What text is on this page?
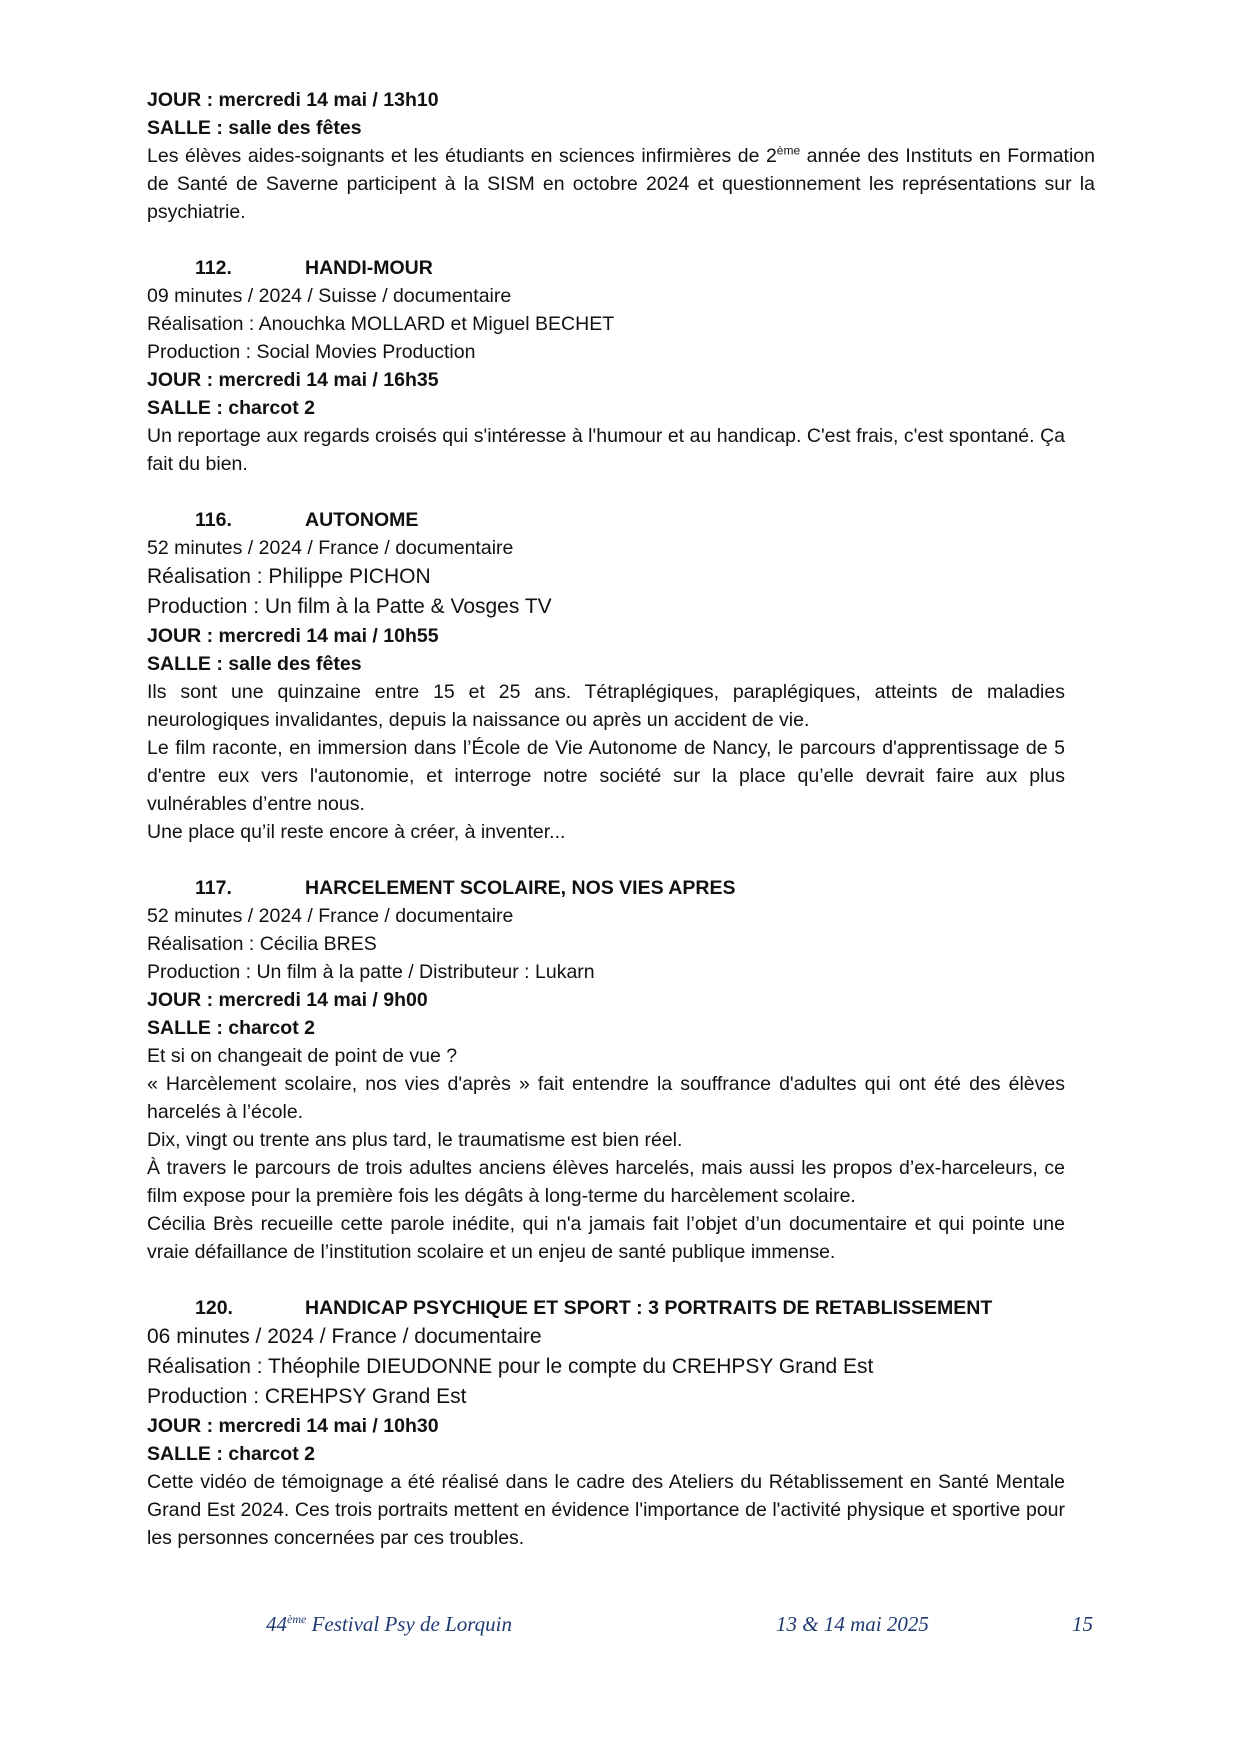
JOUR : mercredi 14 mai / 13h10

SALLE : salle des fêtes

Les élèves aides-soignants et les étudiants en sciences infirmières de 2ème année des Instituts en Formation de Santé de Saverne participent à la SISM en octobre 2024 et questionnement les représentations sur la psychiatrie.

112.	HANDI-MOUR

09 minutes / 2024 / Suisse / documentaire

Réalisation : Anouchka MOLLARD et Miguel BECHET

Production : Social Movies Production

JOUR : mercredi 14 mai / 16h35

SALLE : charcot 2

Un reportage aux regards croisés qui s'intéresse à l'humour et au handicap. C'est frais, c'est spontané. Ça fait du bien.

116.	AUTONOME

52 minutes / 2024 / France / documentaire

Réalisation : Philippe PICHON

Production : Un film à la Patte & Vosges TV

JOUR : mercredi 14 mai / 10h55

SALLE : salle des fêtes

Ils sont une quinzaine entre 15 et 25 ans. Tétraplégiques, paraplégiques, atteints de maladies neurologiques invalidantes, depuis la naissance ou après un accident de vie.

Le film raconte, en immersion dans l’École de Vie Autonome de Nancy, le parcours d'apprentissage de 5 d'entre eux vers l'autonomie, et interroge notre société sur la place qu’elle devrait faire aux plus vulnérables d’entre nous.

Une place qu’il reste encore à créer, à inventer...

117.	HARCELEMENT SCOLAIRE, NOS VIES APRES

52 minutes / 2024 / France / documentaire

Réalisation : Cécilia BRES

Production : Un film à la patte / Distributeur : Lukarn

JOUR : mercredi 14 mai / 9h00

SALLE : charcot 2

Et si on changeait de point de vue ?

« Harcèlement scolaire, nos vies d'après » fait entendre la souffrance d'adultes qui ont été des élèves harcelés à l’école.

Dix, vingt ou trente ans plus tard, le traumatisme est bien réel.

À travers le parcours de trois adultes anciens élèves harcelés, mais aussi les propos d’ex-harceleurs, ce film expose pour la première fois les dégâts à long-terme du harcèlement scolaire.

Cécilia Brès recueille cette parole inédite, qui n'a jamais fait l’objet d’un documentaire et qui pointe une vraie défaillance de l’institution scolaire et un enjeu de santé publique immense.

120.	HANDICAP PSYCHIQUE ET SPORT : 3 PORTRAITS DE RETABLISSEMENT

06 minutes / 2024 / France / documentaire

Réalisation : Théophile DIEUDONNE pour le compte du CREHPSY Grand Est

Production : CREHPSY Grand Est

JOUR : mercredi 14 mai / 10h30

SALLE : charcot 2

Cette vidéo de témoignage a été réalisé dans le cadre des Ateliers du Rétablissement en Santé Mentale Grand Est 2024. Ces trois portraits mettent en évidence l'importance de l'activité physique et sportive pour les personnes concernées par ces troubles.

44ème Festival Psy de Lorquin	13 & 14 mai 2025	15
